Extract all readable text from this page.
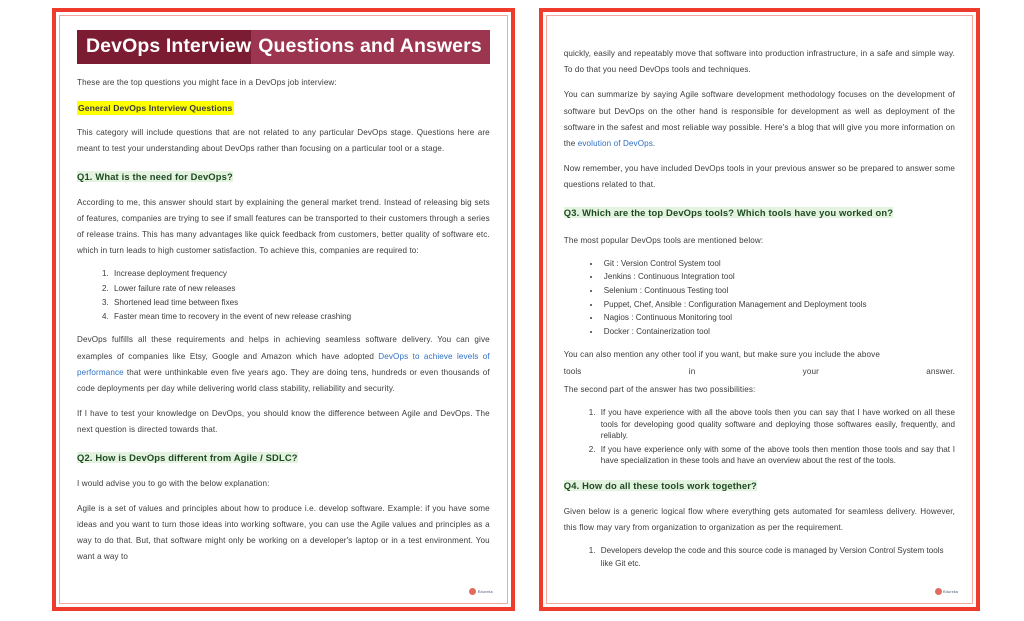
DevOps Interview Questions and Answers

These are the top questions you might face in a DevOps job interview:

General DevOps Interview Questions

This category will include questions that are not related to any particular DevOps stage. Questions here are meant to test your understanding about DevOps rather than focusing on a particular tool or a stage.

Q1. What is the need for DevOps?

According to me, this answer should start by explaining the general market trend. Instead of releasing big sets of features, companies are trying to see if small features can be transported to their customers through a series of release trains. This has many advantages like quick feedback from customers, better quality of software etc. which in turn leads to high customer satisfaction. To achieve this, companies are required to:

1. Increase deployment frequency
2. Lower failure rate of new releases
3. Shortened lead time between fixes
4. Faster mean time to recovery in the event of new release crashing

DevOps fulfills all these requirements and helps in achieving seamless software delivery. You can give examples of companies like Etsy, Google and Amazon which have adopted DevOps to achieve levels of performance that were unthinkable even five years ago. They are doing tens, hundreds or even thousands of code deployments per day while delivering world class stability, reliability and security.

If I have to test your knowledge on DevOps, you should know the difference between Agile and DevOps. The next question is directed towards that.

Q2. How is DevOps different from Agile / SDLC?

I would advise you to go with the below explanation:

Agile is a set of values and principles about how to produce i.e. develop software. Example: if you have some ideas and you want to turn those ideas into working software, you can use the Agile values and principles as a way to do that. But, that software might only be working on a developer's laptop or in a test environment. You want a way to

Edureka

quickly, easily and repeatably move that software into production infrastructure, in a safe and simple way. To do that you need DevOps tools and techniques.

You can summarize by saying Agile software development methodology focuses on the development of software but DevOps on the other hand is responsible for development as well as deployment of the software in the safest and most reliable way possible. Here's a blog that will give you more information on the evolution of DevOps.

Now remember, you have included DevOps tools in your previous answer so be prepared to answer some questions related to that.

Q3. Which are the top DevOps tools? Which tools have you worked on?

The most popular DevOps tools are mentioned below:

• Git : Version Control System tool
• Jenkins : Continuous Integration tool
• Selenium : Continuous Testing tool
• Puppet, Chef, Ansible : Configuration Management and Deployment tools
• Nagios : Continuous Monitoring tool
• Docker : Containerization tool

You can also mention any other tool if you want, but make sure you include the above

tools	in	your	answer.

The second part of the answer has two possibilities:

1. If you have experience with all the above tools then you can say that I have worked on all these tools for developing good quality software and deploying those softwares easily, frequently, and reliably.
2. If you have experience only with some of the above tools then mention those tools and say that I have specialization in these tools and have an overview about the rest of the tools.
Q4. How do all these tools work together?

Given below is a generic logical flow where everything gets automated for seamless delivery. However, this flow may vary from organization to organization as per the requirement.

1. Developers develop the code and this source code is managed by Version Control System tools like Git etc.
Edureka
